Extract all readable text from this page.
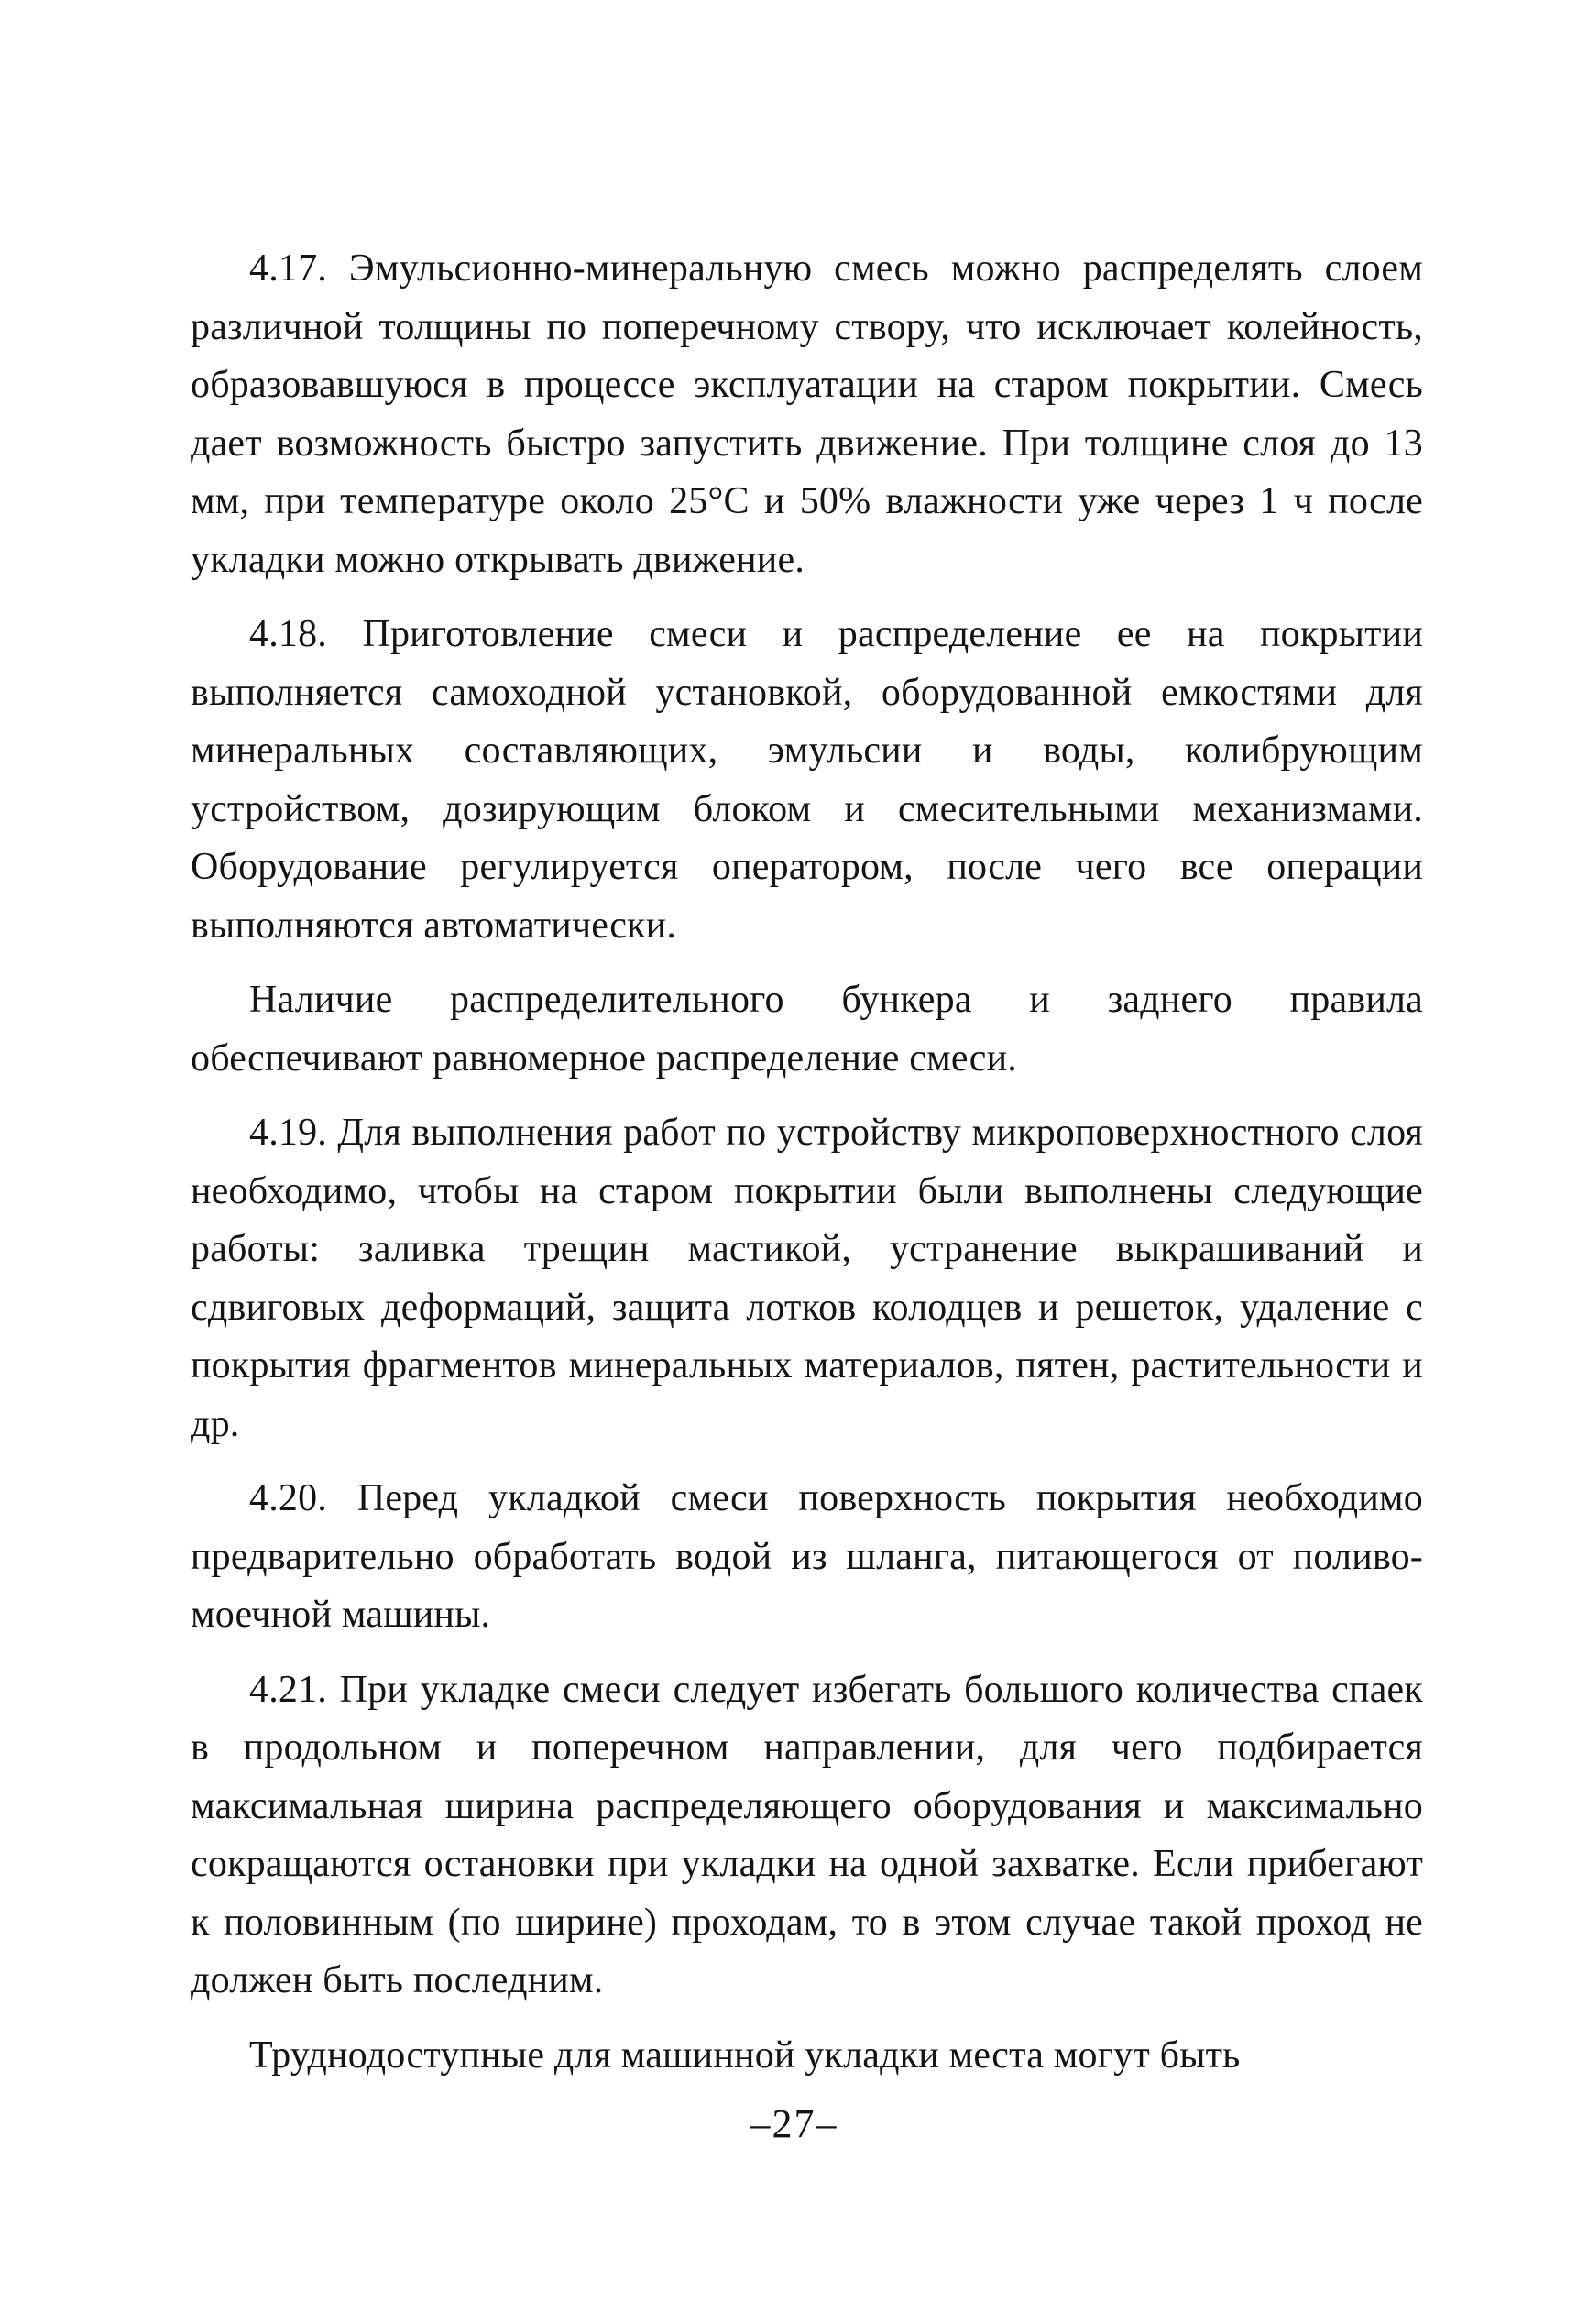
4.17. Эмульсионно-минеральную смесь можно распределять слоем различной толщины по поперечному створу, что исключает колейность, образовавшуюся в процессе эксплуатации на старом покрытии. Смесь дает возможность быстро запустить движение. При толщине слоя до 13 мм, при температуре около 25°С и 50% влажности уже через 1 ч после укладки можно открывать движение.

4.18. Приготовление смеси и распределение ее на покрытии выполняется самоходной установкой, оборудованной емкостями для минеральных составляющих, эмульсии и воды, колибрующим устройством, дозирующим блоком и смесительными механизмами. Оборудование регулируется оператором, после чего все операции выполняются автоматически.

Наличие распределительного бункера и заднего правила обеспечивают равномерное распределение смеси.

4.19. Для выполнения работ по устройству микроповерхностного слоя необходимо, чтобы на старом покрытии были выполнены следующие работы: заливка трещин мастикой, устранение выкрашиваний и сдвиговых деформаций, защита лотков колодцев и решеток, удаление с покрытия фрагментов минеральных материалов, пятен, растительности и др.

4.20. Перед укладкой смеси поверхность покрытия необходимо предварительно обработать водой из шланга, питающегося от поливо-моечной машины.

4.21. При укладке смеси следует избегать большого количества спаек в продольном и поперечном направлении, для чего подбирается максимальная ширина распределяющего оборудования и максимально сокращаются остановки при укладки на одной захватке. Если прибегают к половинным (по ширине) проходам, то в этом случае такой проход не должен быть последним.

Труднодоступные для машинной укладки места могут быть

–27–
